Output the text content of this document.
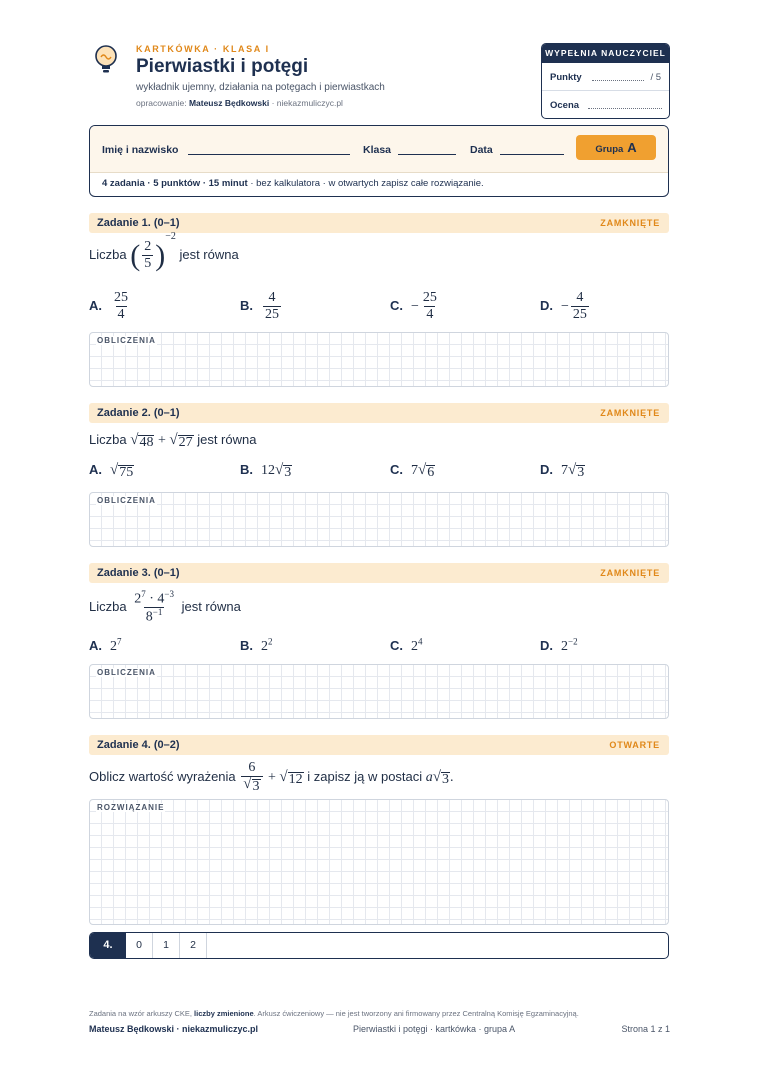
KARTKÓWKA · KLASA I
Pierwiastki i potęgi
wykładnik ujemny, działania na potęgach i pierwiastkach
opracowanie: Mateusz Będkowski · niekazmuliczyc.pl
WYPEŁNIA NAUCZYCIEL
Punkty	/ 5
Ocena
Imię i nazwisko	Klasa	Data	Grupa A
4 zadania · 5 punktów · 15 minut · bez kalkulatora · w otwartych zapisz całe rozwiązanie.
Zadanie 1. (0–1)	ZAMKNIĘTE
Liczba ( $\frac{2}{5} )^{-2}$ jest równa
A. $\frac{25}{4}$	B. $\frac{4}{25}$	C. − $\frac{25}{4}$	D. − $\frac{4}{25}$
OBLICZENIA
Zadanie 2. (0–1)	ZAMKNIĘTE
Liczba √ 48 + √ 27 jest równa
A. √ 75	B. 12 √ 3	C. 7 √ 6	D. 7 √ 3
OBLICZENIA
Zadanie 3. (0–1)	ZAMKNIĘTE
Liczba $\frac{2^7 \cdot 4^{-3}}{8^{-1}}$ jest równa
A. $2^7$	B. $2^2$	C. $2^4$	D. $2^{-2}$
OBLICZENIA
Zadanie 4. (0–2)	OTWARTE
Oblicz wartość wyrażenia $\frac{6}{√ 3}$ + √ 12 i zapisz ją w postaci a √ 3 .
ROZWIĄZANIE
4.	0	1	2
Zadania na wzór arkuszy CKE, liczby zmienione. Arkusz ćwiczeniowy — nie jest tworzony ani firmowany przez Centralną Komisję Egzaminacyjną.
Mateusz Będkowski · niekazmuliczyc.pl	Pierwiastki i potęgi · kartkówka · grupa A	Strona 1 z 1
